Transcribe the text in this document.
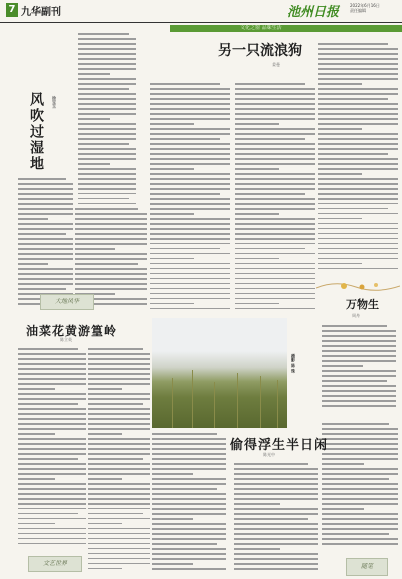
7 九华副刊	池州日报	2022年6月16日
责任编辑
文化之窗 品味生活
风吹过湿地 徐宝玉
大地风华
另一只流浪狗
姜曼
万物生
周舟
摄影 陈 珠
油菜花黄游篁岭
陈立英
文艺世界
偷得浮生半日闲
陈光中
随笔
